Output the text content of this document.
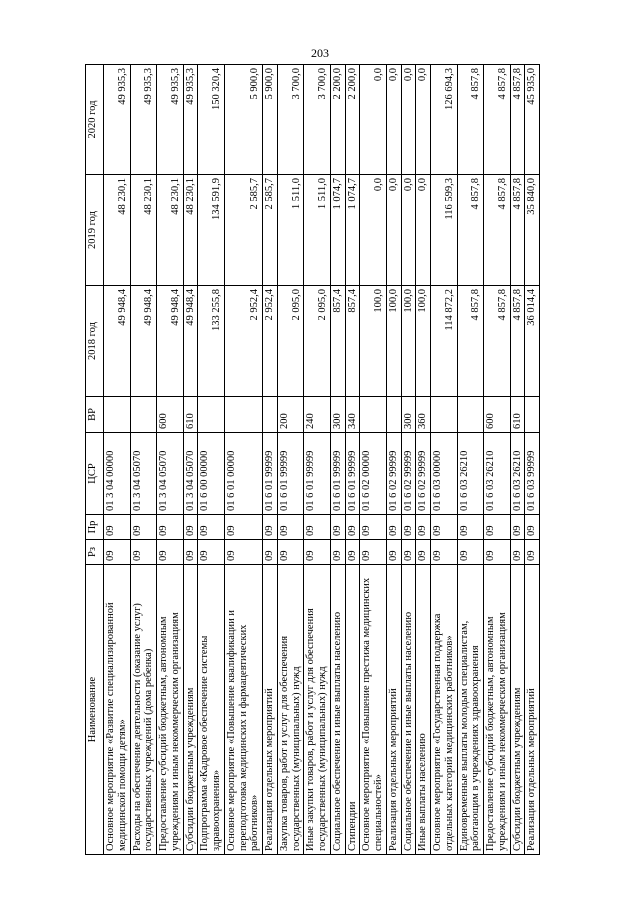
203
Наименование	Рз	Пр	ЦСР	ВР	2018 год	2019 год	2020 год
Основное мероприятие «Развитие специализированной медицинской помощи детям»	09	09	01 3 04 00000		49 948,4	48 230,1	49 935,3
Расходы на обеспечение деятельности (оказание услуг) государственных учреждений (дома ребенка)	09	09	01 3 04 05070		49 948,4	48 230,1	49 935,3
Предоставление субсидий бюджетным, автономным учреждениям и иным некоммерческим организациям	09	09	01 3 04 05070	600	49 948,4	48 230,1	49 935,3
Субсидии бюджетным учреждениям	09	09	01 3 04 05070	610	49 948,4	48 230,1	49 935,3
Подпрограмма «Кадровое обеспечение системы здравоохранения»	09	09	01 6 00 00000		133 255,8	134 591,9	150 320,4
Основное мероприятие «Повышение квалификации и переподготовка медицинских и фармацевтических работников»	09	09	01 6 01 00000		2 952,4	2 585,7	5 900,0
Реализация отдельных мероприятий	09	09	01 6 01 99999		2 952,4	2 585,7	5 900,0
Закупка товаров, работ и услуг для обеспечения государственных (муниципальных) нужд	09	09	01 6 01 99999	200	2 095,0	1 511,0	3 700,0
Иные закупки товаров, работ и услуг для обеспечения государственных (муниципальных) нужд	09	09	01 6 01 99999	240	2 095,0	1 511,0	3 700,0
Социальное обеспечение и иные выплаты населению	09	09	01 6 01 99999	300	857,4	1 074,7	2 200,0
Стипендии	09	09	01 6 01 99999	340	857,4	1 074,7	2 200,0
Основное мероприятие «Повышение престижа медицинских специальностей»	09	09	01 6 02 00000		100,0	0,0	0,0
Реализация отдельных мероприятий	09	09	01 6 02 99999		100,0	0,0	0,0
Социальное обеспечение и иные выплаты населению	09	09	01 6 02 99999	300	100,0	0,0	0,0
Иные выплаты населению	09	09	01 6 02 99999	360	100,0	0,0	0,0
Основное мероприятие «Государственная поддержка отдельных категорий медицинских работников»	09	09	01 6 03 00000		114 872,2	116 599,3	126 694,3
Единовременные выплаты молодым специалистам, работающим в учреждениях здравоохранения	09	09	01 6 03 26210		4 857,8	4 857,8	4 857,8
Предоставление субсидий бюджетным, автономным учреждениям и иным некоммерческим организациям	09	09	01 6 03 26210	600	4 857,8	4 857,8	4 857,8
Субсидии бюджетным учреждениям	09	09	01 6 03 26210	610	4 857,8	4 857,8	4 857,8
Реализация отдельных мероприятий	09	09	01 6 03 99999		36 014,4	35 840,0	45 935,0
